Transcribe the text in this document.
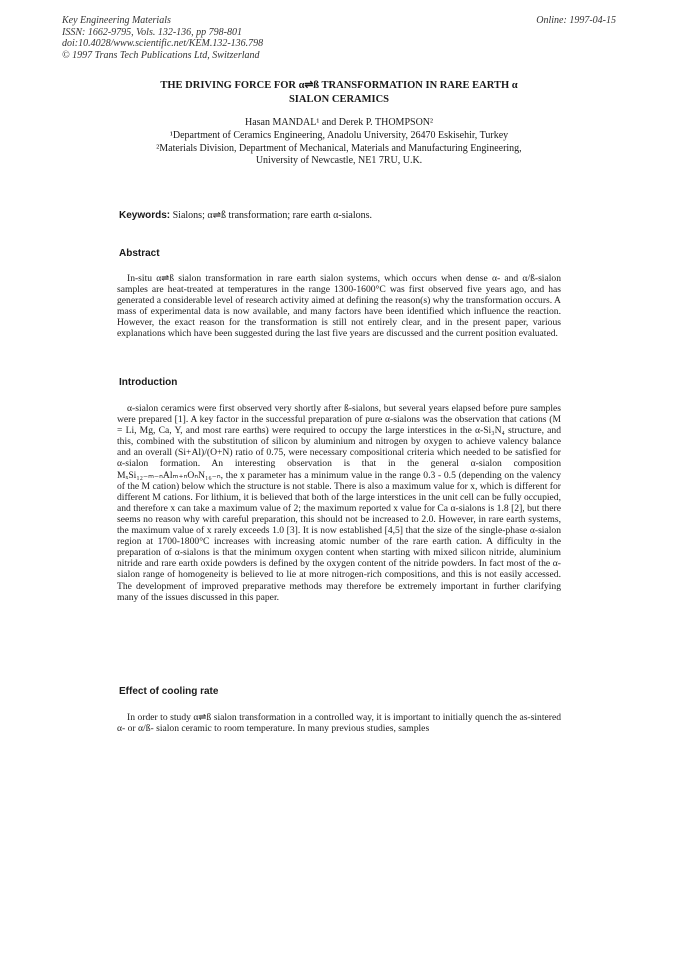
Key Engineering Materials
ISSN: 1662-9795, Vols. 132-136, pp 798-801
doi:10.4028/www.scientific.net/KEM.132-136.798
© 1997 Trans Tech Publications Ltd, Switzerland
Online: 1997-04-15
THE DRIVING FORCE FOR α⇌ß TRANSFORMATION IN RARE EARTH α
SIALON CERAMICS
Hasan MANDAL¹ and Derek P. THOMPSON²
¹Department of Ceramics Engineering, Anadolu University, 26470 Eskisehir, Turkey
²Materials Division, Department of Mechanical, Materials and Manufacturing Engineering,
University of Newcastle, NE1 7RU, U.K.
Keywords: Sialons; α⇌ß transformation; rare earth α-sialons.
Abstract
In-situ α⇌ß sialon transformation in rare earth sialon systems, which occurs when dense α- and α/ß-sialon samples are heat-treated at temperatures in the range 1300-1600°C was first observed five years ago, and has generated a considerable level of research activity aimed at defining the reason(s) why the transformation occurs. A mass of experimental data is now available, and many factors have been identified which influence the reaction. However, the exact reason for the transformation is still not entirely clear, and in the present paper, various explanations which have been suggested during the last five years are discussed and the current position evaluated.
Introduction
α-sialon ceramics were first observed very shortly after ß-sialons, but several years elapsed before pure samples were prepared [1]. A key factor in the successful preparation of pure α-sialons was the observation that cations (M = Li, Mg, Ca, Y, and most rare earths) were required to occupy the large interstices in the α-Si₃N₄ structure, and this, combined with the substitution of silicon by aluminium and nitrogen by oxygen to achieve valency balance and an overall (Si+Al)/(O+N) ratio of 0.75, were necessary compositional criteria which needed to be satisfied for α-sialon formation. An interesting observation is that in the general α-sialon composition MₓSi₁₂₋ₘ₋ₙAlₘ₊ₙOₙN₁₆₋ₙ, the x parameter has a minimum value in the range 0.3 - 0.5 (depending on the valency of the M cation) below which the structure is not stable. There is also a maximum value for x, which is different for different M cations. For lithium, it is believed that both of the large interstices in the unit cell can be fully occupied, and therefore x can take a maximum value of 2; the maximum reported x value for Ca α-sialons is 1.8 [2], but there seems no reason why with careful preparation, this should not be increased to 2.0. However, in rare earth systems, the maximum value of x rarely exceeds 1.0 [3]. It is now established [4,5] that the size of the single-phase α-sialon region at 1700-1800°C increases with increasing atomic number of the rare earth cation. A difficulty in the preparation of α-sialons is that the minimum oxygen content when starting with mixed silicon nitride, aluminium nitride and rare earth oxide powders is defined by the oxygen content of the nitride powders. In fact most of the α-sialon range of homogeneity is believed to lie at more nitrogen-rich compositions, and this is not easily accessed. The development of improved preparative methods may therefore be extremely important in further clarifying many of the issues discussed in this paper.
Effect of cooling rate
In order to study α⇌ß sialon transformation in a controlled way, it is important to initially quench the as-sintered α- or α/ß- sialon ceramic to room temperature. In many previous studies, samples
